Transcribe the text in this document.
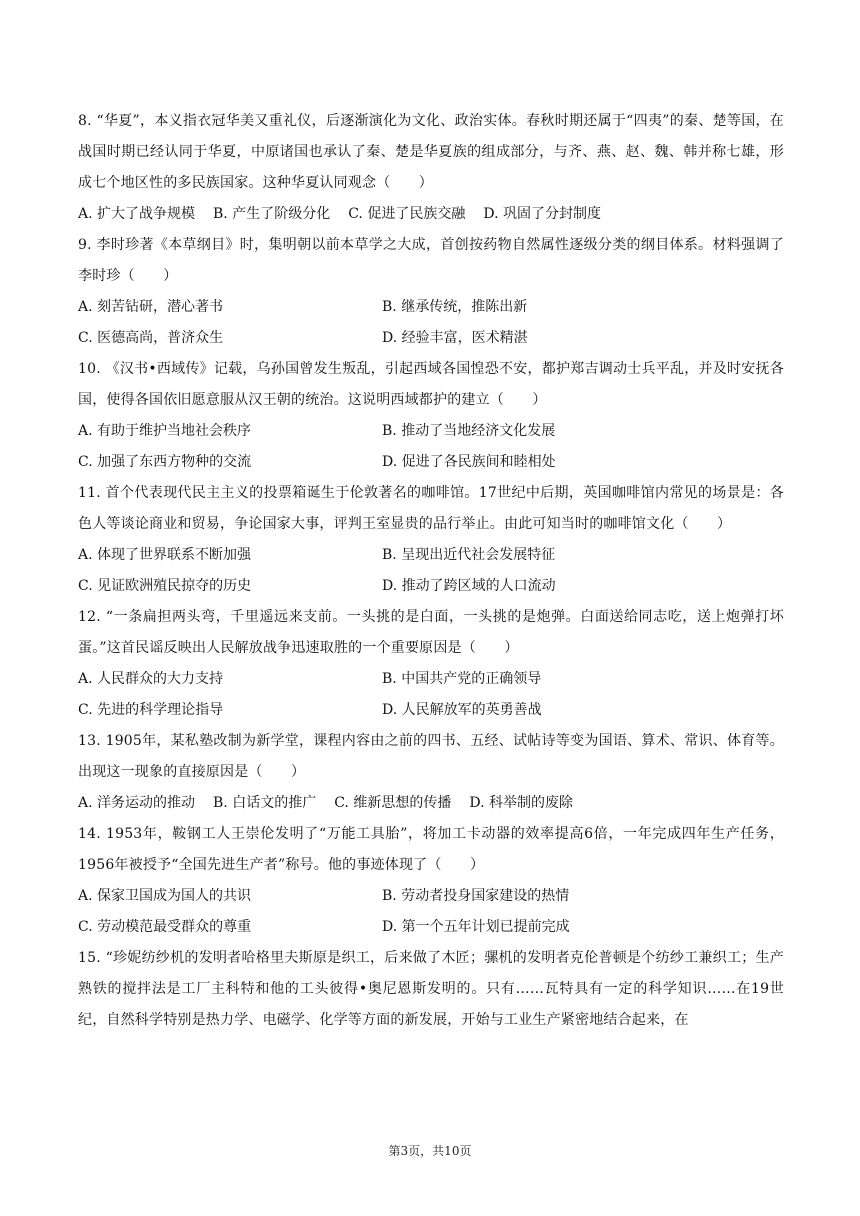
8. “华夏”，本义指衣冠华美又重礼仪，后逐渐演化为文化、政治实体。春秋时期还属于“四夷”的秦、楚等国，在战国时期已经认同于华夏，中原诸国也承认了秦、楚是华夏族的组成部分，与齐、燕、赵、魏、韩并称七雄，形成七个地区性的多民族国家。这种华夏认同观念（　　）

A. 扩大了战争规模 B. 产生了阶级分化 C. 促进了民族交融 D. 巩固了分封制度

9. 李时珍著《本草纲目》时，集明朝以前本草学之大成，首创按药物自然属性逐级分类的纲目体系。材料强调了李时珍（　　）

A. 刻苦钻研，潜心著书	B. 继承传统，推陈出新
C. 医德高尚，普济众生	D. 经验丰富，医术精湛

10. 《汉书•西域传》记载，乌孙国曾发生叛乱，引起西域各国惶恐不安，都护郑吉调动士兵平乱，并及时安抚各国，使得各国依旧愿意服从汉王朝的统治。这说明西域都护的建立（　　）

A. 有助于维护当地社会秩序	B. 推动了当地经济文化发展
C. 加强了东西方物种的交流	D. 促进了各民族间和睦相处

11. 首个代表现代民主主义的投票箱诞生于伦敦著名的咖啡馆。17世纪中后期，英国咖啡馆内常见的场景是：各色人等谈论商业和贸易，争论国家大事，评判王室显贵的品行举止。由此可知当时的咖啡馆文化（　　）

A. 体现了世界联系不断加强	B. 呈现出近代社会发展特征
C. 见证欧洲殖民掠夺的历史	D. 推动了跨区域的人口流动

12. “一条扁担两头弯，千里遥远来支前。一头挑的是白面，一头挑的是炮弹。白面送给同志吃，送上炮弹打坏蛋。”这首民谣反映出人民解放战争迅速取胜的一个重要原因是（　　）

A. 人民群众的大力支持	B. 中国共产党的正确领导
C. 先进的科学理论指导	D. 人民解放军的英勇善战

13. 1905年，某私塾改制为新学堂，课程内容由之前的四书、五经、试帖诗等变为国语、算术、常识、体育等。出现这一现象的直接原因是（　　）

A. 洋务运动的推动 B. 白话文的推广 C. 维新思想的传播 D. 科举制的废除

14. 1953年，鞍钢工人王崇伦发明了“万能工具胎”，将加工卡动器的效率提高6倍，一年完成四年生产任务，1956年被授予“全国先进生产者”称号。他的事迹体现了（　　）

A. 保家卫国成为国人的共识	B. 劳动者投身国家建设的热情
C. 劳动模范最受群众的尊重	D. 第一个五年计划已提前完成

15. “珍妮纺纱机的发明者哈格里夫斯原是织工，后来做了木匠；骡机的发明者克伦普顿是个纺纱工兼织工；生产熟铁的搅拌法是工厂主科特和他的工头彼得•奥尼恩斯发明的。只有……瓦特具有一定的科学知识……在19世纪，自然科学特别是热力学、电磁学、化学等方面的新发展，开始与工业生产紧密地结合起来，在

第3页，共10页
